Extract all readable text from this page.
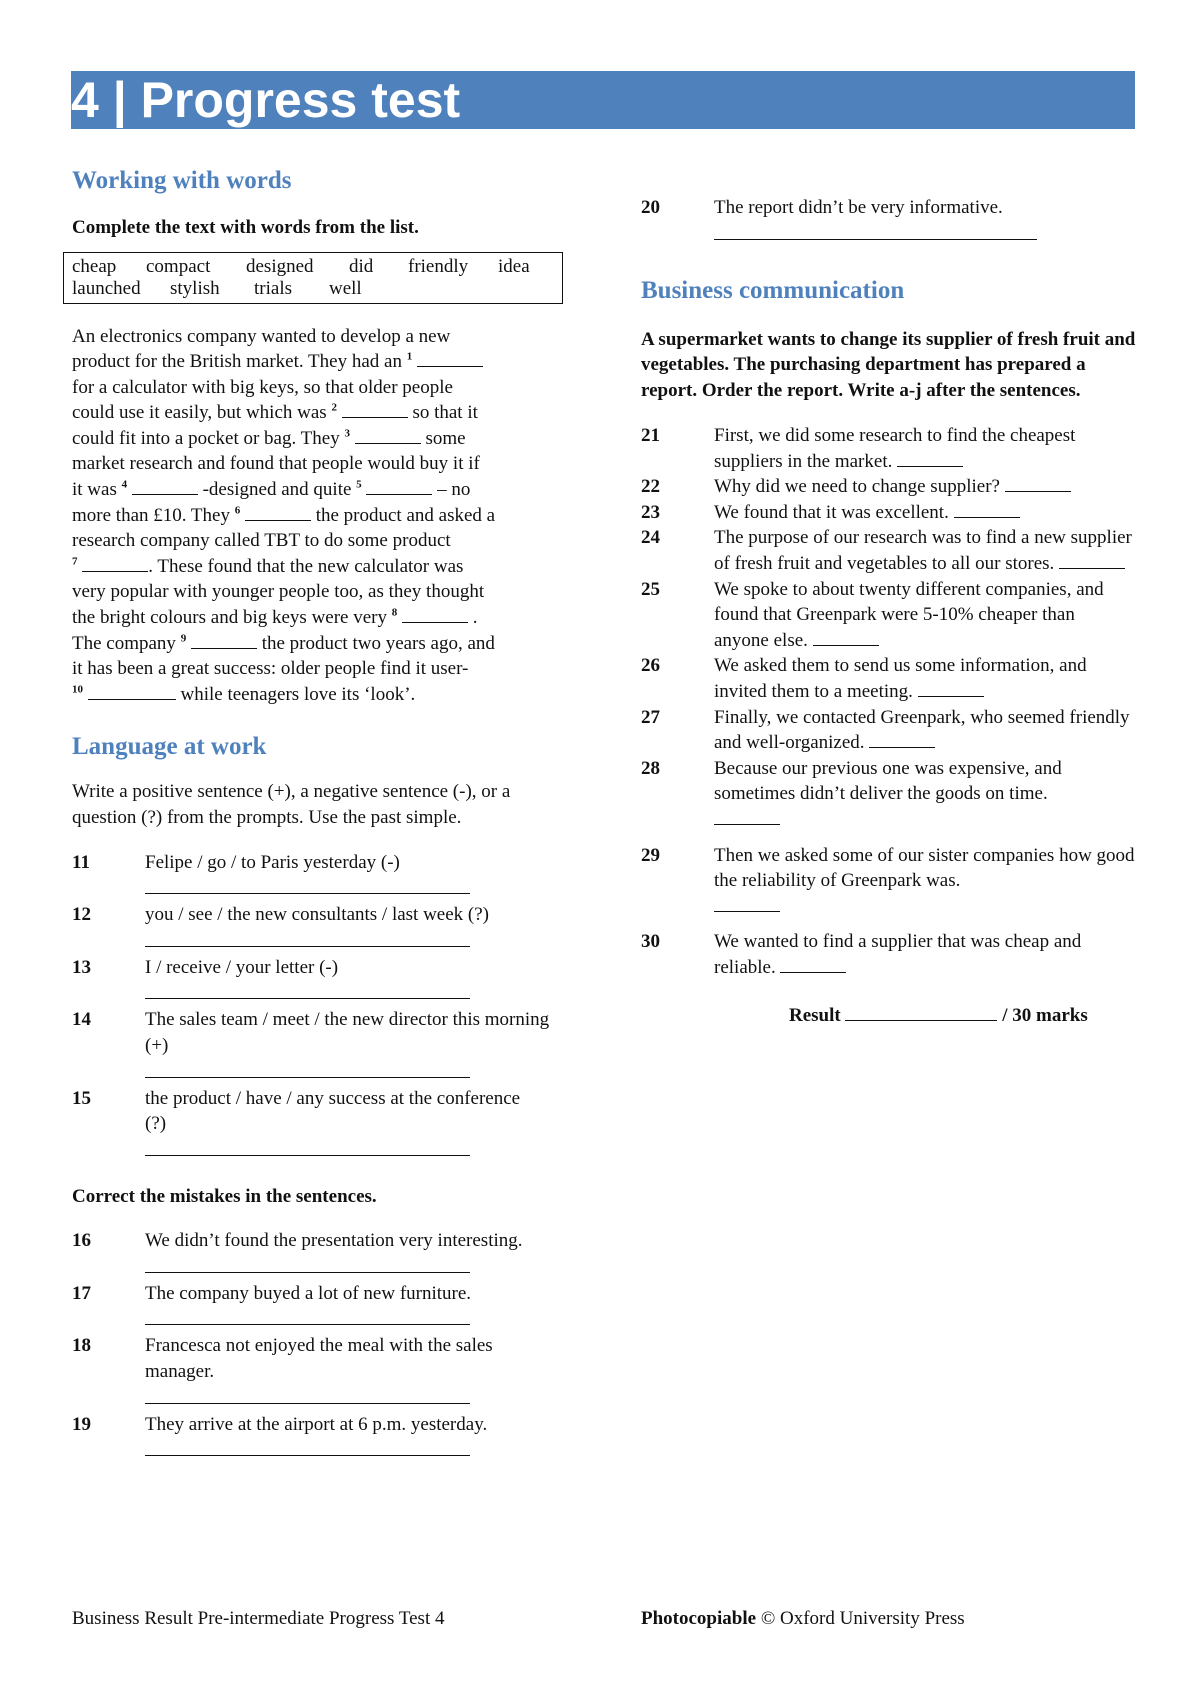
4 | Progress test
Working with words
Complete the text with words from the list.
cheap compact designed did friendly idea
launched stylish trials well
An electronics company wanted to develop a new
product for the British market. They had an $^1$
for a calculator with big keys, so that older people
could use it easily, but which was $^2$	so that it
could fit into a pocket or bag. They $^3$	some
market research and found that people would buy it if
it was $^4$	-designed and quite $^5$	– no
more than £10. They $^6$	the product and asked a
research company called TBT to do some product
$^7$	. These found that the new calculator was
very popular with younger people too, as they thought
the bright colours and big keys were very $^8$	.
The company $^9$	the product two years ago, and
it has been a great success: older people find it user-
$^{10}$	while teenagers love its ‘look’.
Language at work
Write a positive sentence (+), a negative sentence (-), or a question (?) from the prompts. Use the past simple.
11	Felipe / go / to Paris yesterday (-)
12	you / see / the new consultants / last week (?)
13	I / receive / your letter (-)
14	The sales team / meet / the new director this morning (+)
15	the product / have / any success at the conference (?)
Correct the mistakes in the sentences.
16	We didn’t found the presentation very interesting.
17	The company buyed a lot of new furniture.
18	Francesca not enjoyed the meal with the sales manager.
19	They arrive at the airport at 6 p.m. yesterday.
20	The report didn’t be very informative.
Business communication
A supermarket wants to change its supplier of fresh fruit and vegetables. The purchasing department has prepared a report. Order the report. Write a-j after the sentences.
21	First, we did some research to find the cheapest suppliers in the market.
22	Why did we need to change supplier?
23	We found that it was excellent.
24	The purpose of our research was to find a new supplier of fresh fruit and vegetables to all our stores.
25	We spoke to about twenty different companies, and found that Greenpark were 5-10% cheaper than anyone else.
26	We asked them to send us some information, and invited them to a meeting.
27	Finally, we contacted Greenpark, who seemed friendly and well-organized.
28	Because our previous one was expensive, and sometimes didn’t deliver the goods on time.

29	Then we asked some of our sister companies how good the reliability of Greenpark was.

30	We wanted to find a supplier that was cheap and reliable.
Result	/ 30 marks
Business Result Pre-intermediate Progress Test 4	Photocopiable © Oxford University Press
